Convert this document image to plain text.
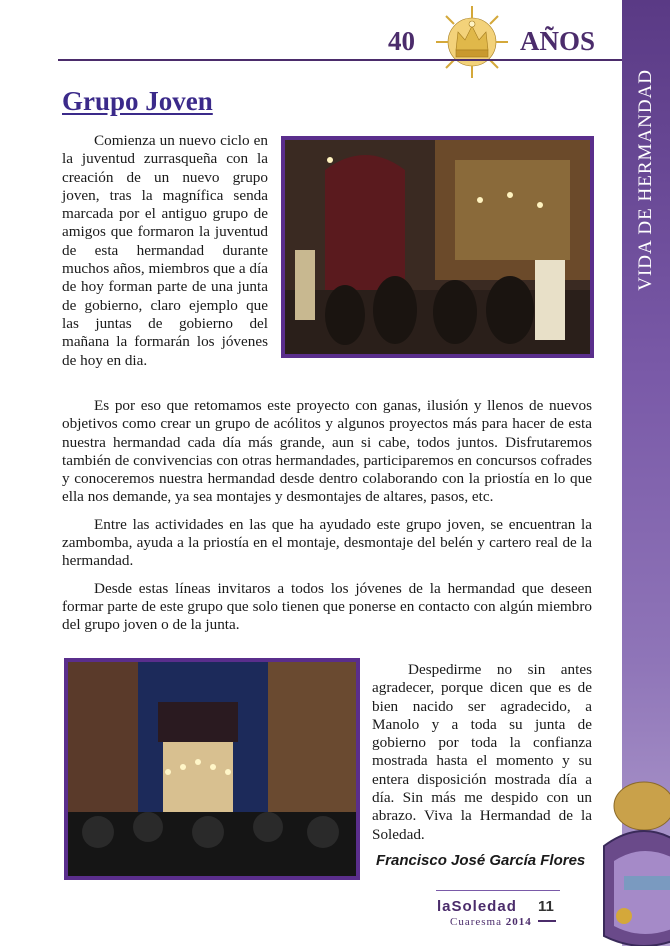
40	AÑOS
VIDA DE HERMANDAD
Grupo Joven

Comienza un nuevo ciclo en la juventud zurrasqueña con la creación de un nuevo grupo joven, tras la magnífica senda marcada por el antiguo grupo de amigos que formaron la juventud de esta hermandad durante muchos años, miembros que a día de hoy forman parte de una junta de gobierno, claro ejemplo que las juntas de gobierno del mañana la formarán los jóvenes de hoy en dia.

Es por eso que retomamos este proyecto con ganas, ilusión y llenos de nuevos objetivos como crear un grupo de acólitos y algunos proyectos más para hacer de esta nuestra hermandad cada día más grande, aun si cabe, todos juntos. Disfrutaremos también de convivencias con otras hermandades, participaremos en concursos cofrades y conoceremos nuestra hermandad desde dentro colaborando con la priostía en lo que ella nos demande, ya sea montajes y desmontajes de altares, pasos, etc.

Entre las actividades en las que ha ayudado este grupo joven, se encuentran la zambomba, ayuda a la priostía en el montaje, desmontaje del belén y cartero real de la hermandad.

Desde estas líneas invitaros a todos los jóvenes de la hermandad que deseen formar parte de este grupo que solo tienen que ponerse en contacto con algún miembro del grupo joven o de la junta.

Despedirme no sin antes agradecer, porque dicen que es de bien nacido ser agradecido, a Manolo y a toda su junta de gobierno por toda la confianza mostrada hasta el momento y su entera disposición mostrada día a día. Sin más me despido con un abrazo. Viva la Hermandad de la Soledad.

Francisco José García Flores
laSoledad
Cuaresma 2014
11
